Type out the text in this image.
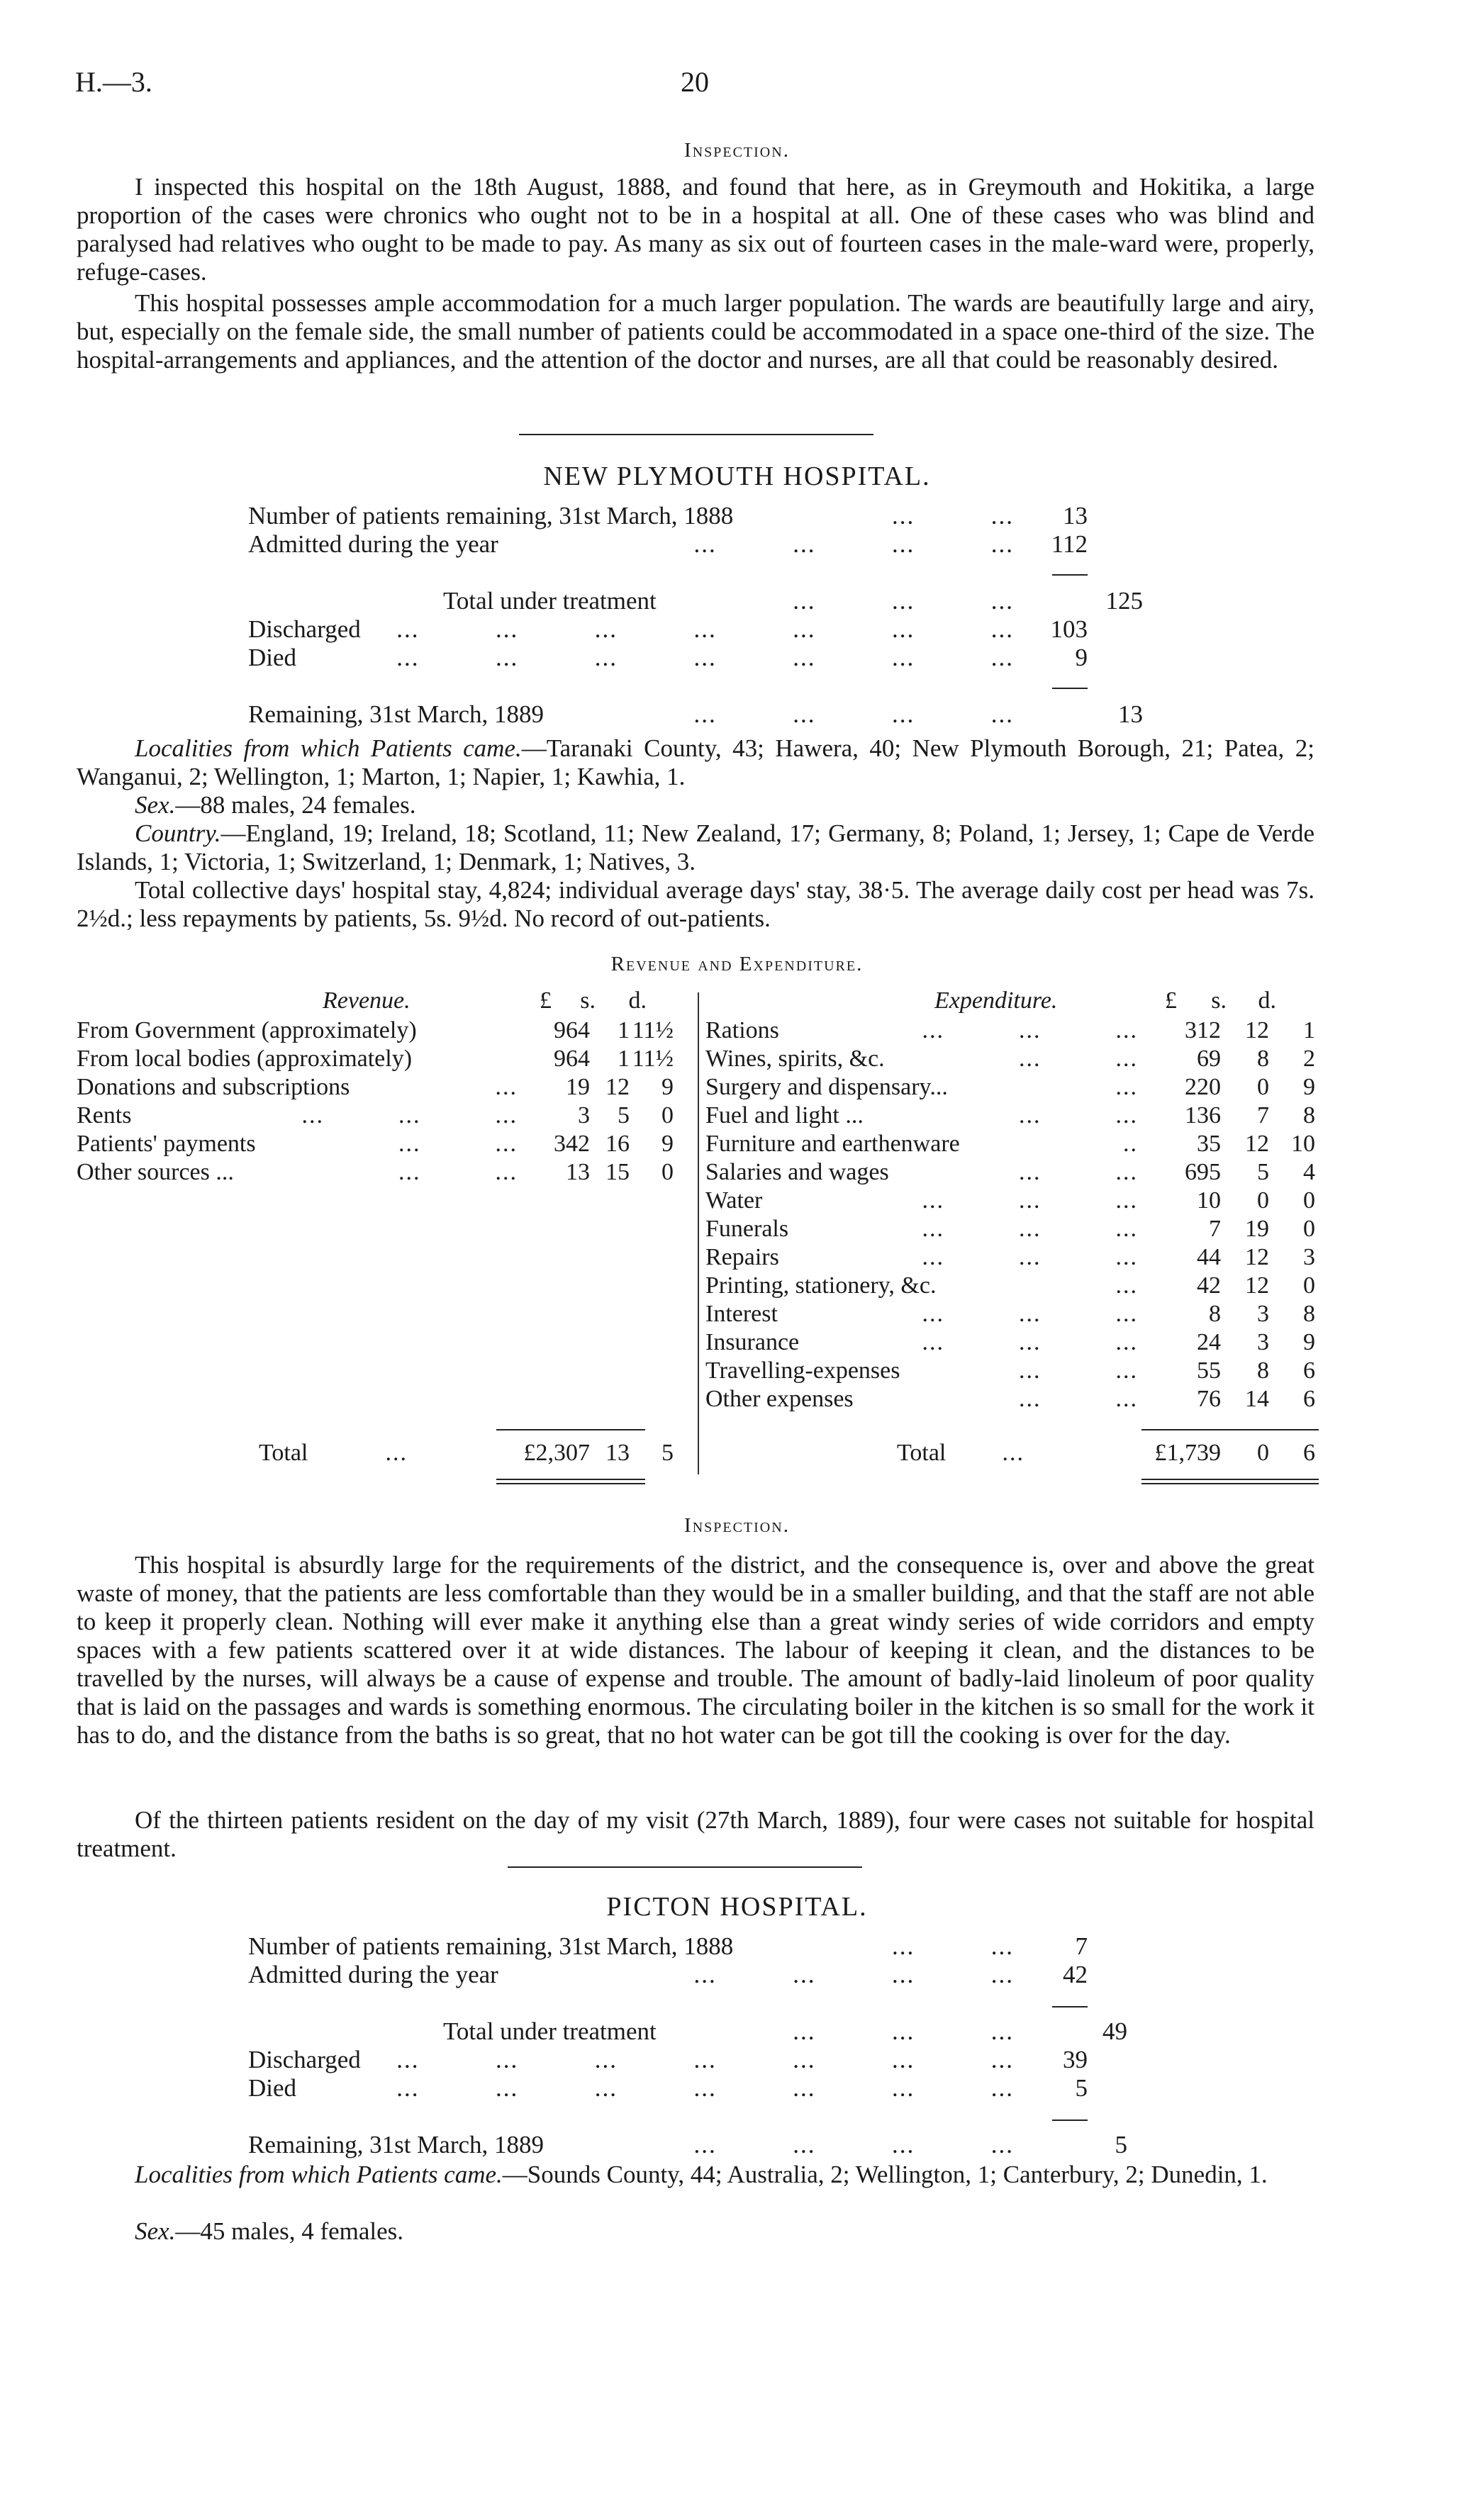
H.—3.	20
Inspection.

I inspected this hospital on the 18th August, 1888, and found that here, as in Greymouth and Hokitika, a large proportion of the cases were chronics who ought not to be in a hospital at all. One of these cases who was blind and paralysed had relatives who ought to be made to pay. As many as six out of fourteen cases in the male-ward were, properly, refuge-cases.

This hospital possesses ample accommodation for a much larger population. The wards are beautifully large and airy, but, especially on the female side, the small number of patients could be accommodated in a space one-third of the size. The hospital-arrangements and appliances, and the attention of the doctor and nurses, are all that could be reasonably desired.

NEW PLYMOUTH HOSPITAL.
Number of patients remaining, 31st March, 1888	...          ...	13
Admitted during the year	...          ...          ...          ...	112
Total under treatment	...          ...          ...	125
Discharged ...          ...          ...          ...          ...          ...          ...	103
Died	...          ...          ...          ...          ...          ...          ...	9
Remaining, 31st March, 1889	...          ...          ...          ...	13

Localities from which Patients came.—Taranaki County, 43; Hawera, 40; New Plymouth Borough, 21; Patea, 2; Wanganui, 2; Wellington, 1; Marton, 1; Napier, 1; Kawhia, 1.

Sex.—88 males, 24 females.

Country.—England, 19; Ireland, 18; Scotland, 11; New Zealand, 17; Germany, 8; Poland, 1; Jersey, 1; Cape de Verde Islands, 1; Victoria, 1; Switzerland, 1; Denmark, 1; Natives, 3.

Total collective days' hospital stay, 4,824; individual average days' stay, 38·5. The average daily cost per head was 7s. 2½d.; less repayments by patients, 5s. 9½d. No record of out-patients.

Revenue and Expenditure.
Revenue.	£	s.	d.	Expenditure.	£	s.	d.
From Government (approximately)	964	1 11½
From local bodies (approximately)	964	1 11½
Donations and subscriptions	...	19 12	9
Rents	...          ...          ...	3	5	0
Patients' payments	...          ...	342 16	9
Other sources ...	...          ...	13 15	0
Total	...	£2,307 13	5
Rations	...          ...          ...	312	12	1
Wines, spirits, &c.	...          ...	69	8	2
Surgery and dispensary...	...	220	0	9
Fuel and light ...	...          ...	136	7	8
Furniture and earthenware	..	35	12 10
Salaries and wages	...          ...	695	5	4
Water	...          ...          ...	10	0	0
Funerals	...          ...          ...	7	19	0
Repairs	...          ...          ...	44	12	3
Printing, stationery, &c.	...	42	12	0
Interest	...          ...          ...	8	3	8
Insurance	...          ...          ...	24	3	9
Travelling-expenses	...          ...	55	8	6
Other expenses	...          ...	76	14	6
Total ...	£1,739	0	6
Inspection.

This hospital is absurdly large for the requirements of the district, and the consequence is, over and above the great waste of money, that the patients are less comfortable than they would be in a smaller building, and that the staff are not able to keep it properly clean. Nothing will ever make it anything else than a great windy series of wide corridors and empty spaces with a few patients scattered over it at wide distances. The labour of keeping it clean, and the distances to be travelled by the nurses, will always be a cause of expense and trouble. The amount of badly-laid linoleum of poor quality that is laid on the passages and wards is something enormous. The circulating boiler in the kitchen is so small for the work it has to do, and the distance from the baths is so great, that no hot water can be got till the cooking is over for the day.

Of the thirteen patients resident on the day of my visit (27th March, 1889), four were cases not suitable for hospital treatment.

PICTON HOSPITAL.
Number of patients remaining, 31st March, 1888	...          ...	7
Admitted during the year	...          ...          ...          ...	42
Total under treatment	...          ...          ...	49
Discharged ...          ...          ...          ...          ...          ...          ...	39
Died	...          ...          ...          ...          ...          ...          ...	5
Remaining, 31st March, 1889	...          ...          ...          ...	5

Localities from which Patients came.—Sounds County, 44; Australia, 2; Wellington, 1; Canterbury, 2; Dunedin, 1.

Sex.—45 males, 4 females.
